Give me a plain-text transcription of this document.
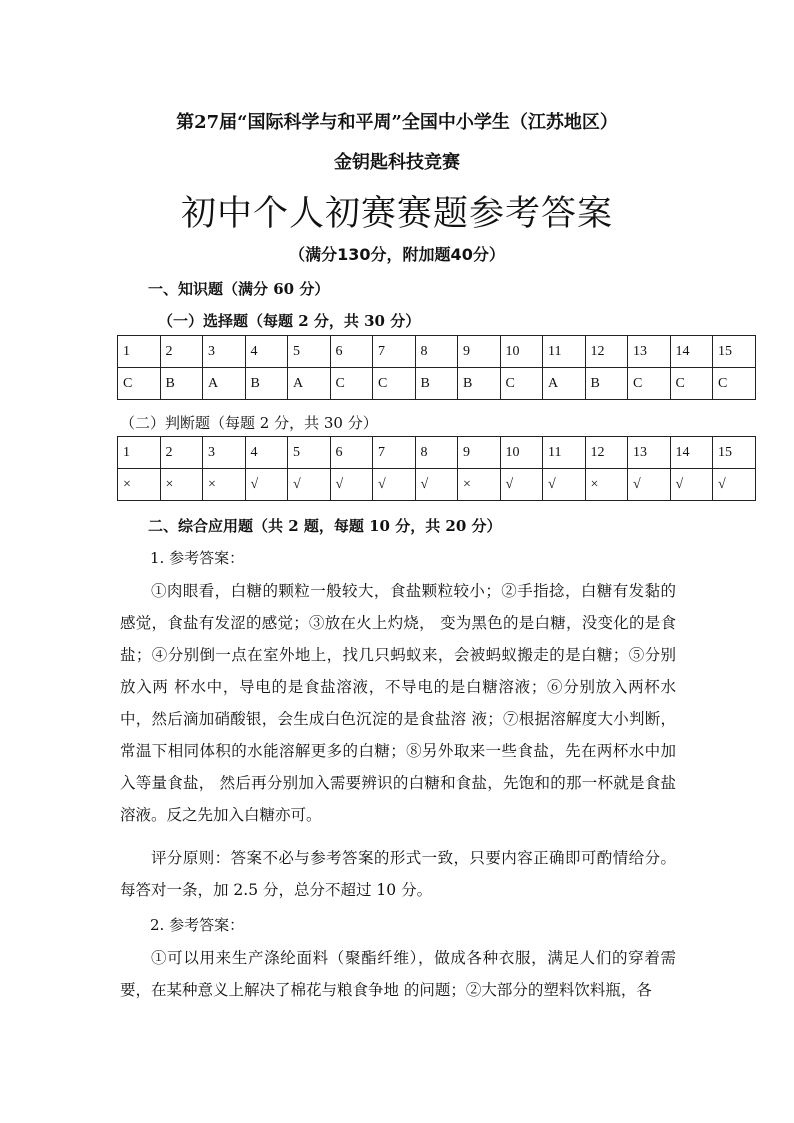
第27届“国际科学与和平周”全国中小学生（江苏地区）
金钥匙科技竞赛
初中个人初赛赛题参考答案
（满分130分，附加题40分）
一、知识题（满分 60 分）
（一）选择题（每题 2 分，共 30 分）
1	2	3	4	5	6	7	8	9	10	11	12	13	14	15
C	B	A	B	A	C	C	B	B	C	A	B	C	C	C
（二）判断题（每题 2 分，共 30 分）
1	2	3	4	5	6	7	8	9	10	11	12	13	14	15
×	×	×	√	√	√	√	√	×	√	√	×	√	√	√
二、综合应用题（共 2 题，每题 10 分，共 20 分）
1. 参考答案：
①肉眼看，白糖的颗粒一般较大，食盐颗粒较小；②手指捻，白糖有发黏的感觉，食盐有发涩的感觉；③放在火上灼烧， 变为黑色的是白糖，没变化的是食盐；④分别倒一点在室外地上，找几只蚂蚁来，会被蚂蚁搬走的是白糖；⑤分别放入两 杯水中，导电的是食盐溶液，不导电的是白糖溶液；⑥分别放入两杯水中，然后滴加硝酸银，会生成白色沉淀的是食盐溶 液；⑦根据溶解度大小判断，常温下相同体积的水能溶解更多的白糖；⑧另外取来一些食盐，先在两杯水中加入等量食盐， 然后再分别加入需要辨识的白糖和食盐，先饱和的那一杯就是食盐溶液。反之先加入白糖亦可。
评分原则：答案不必与参考答案的形式一致，只要内容正确即可酌情给分。每答对一条，加 2.5 分，总分不超过 10 分。
2. 参考答案：
①可以用来生产涤纶面料（聚酯纤维），做成各种衣服，满足人们的穿着需要，在某种意义上解决了棉花与粮食争地 的问题；②大部分的塑料饮料瓶，各
